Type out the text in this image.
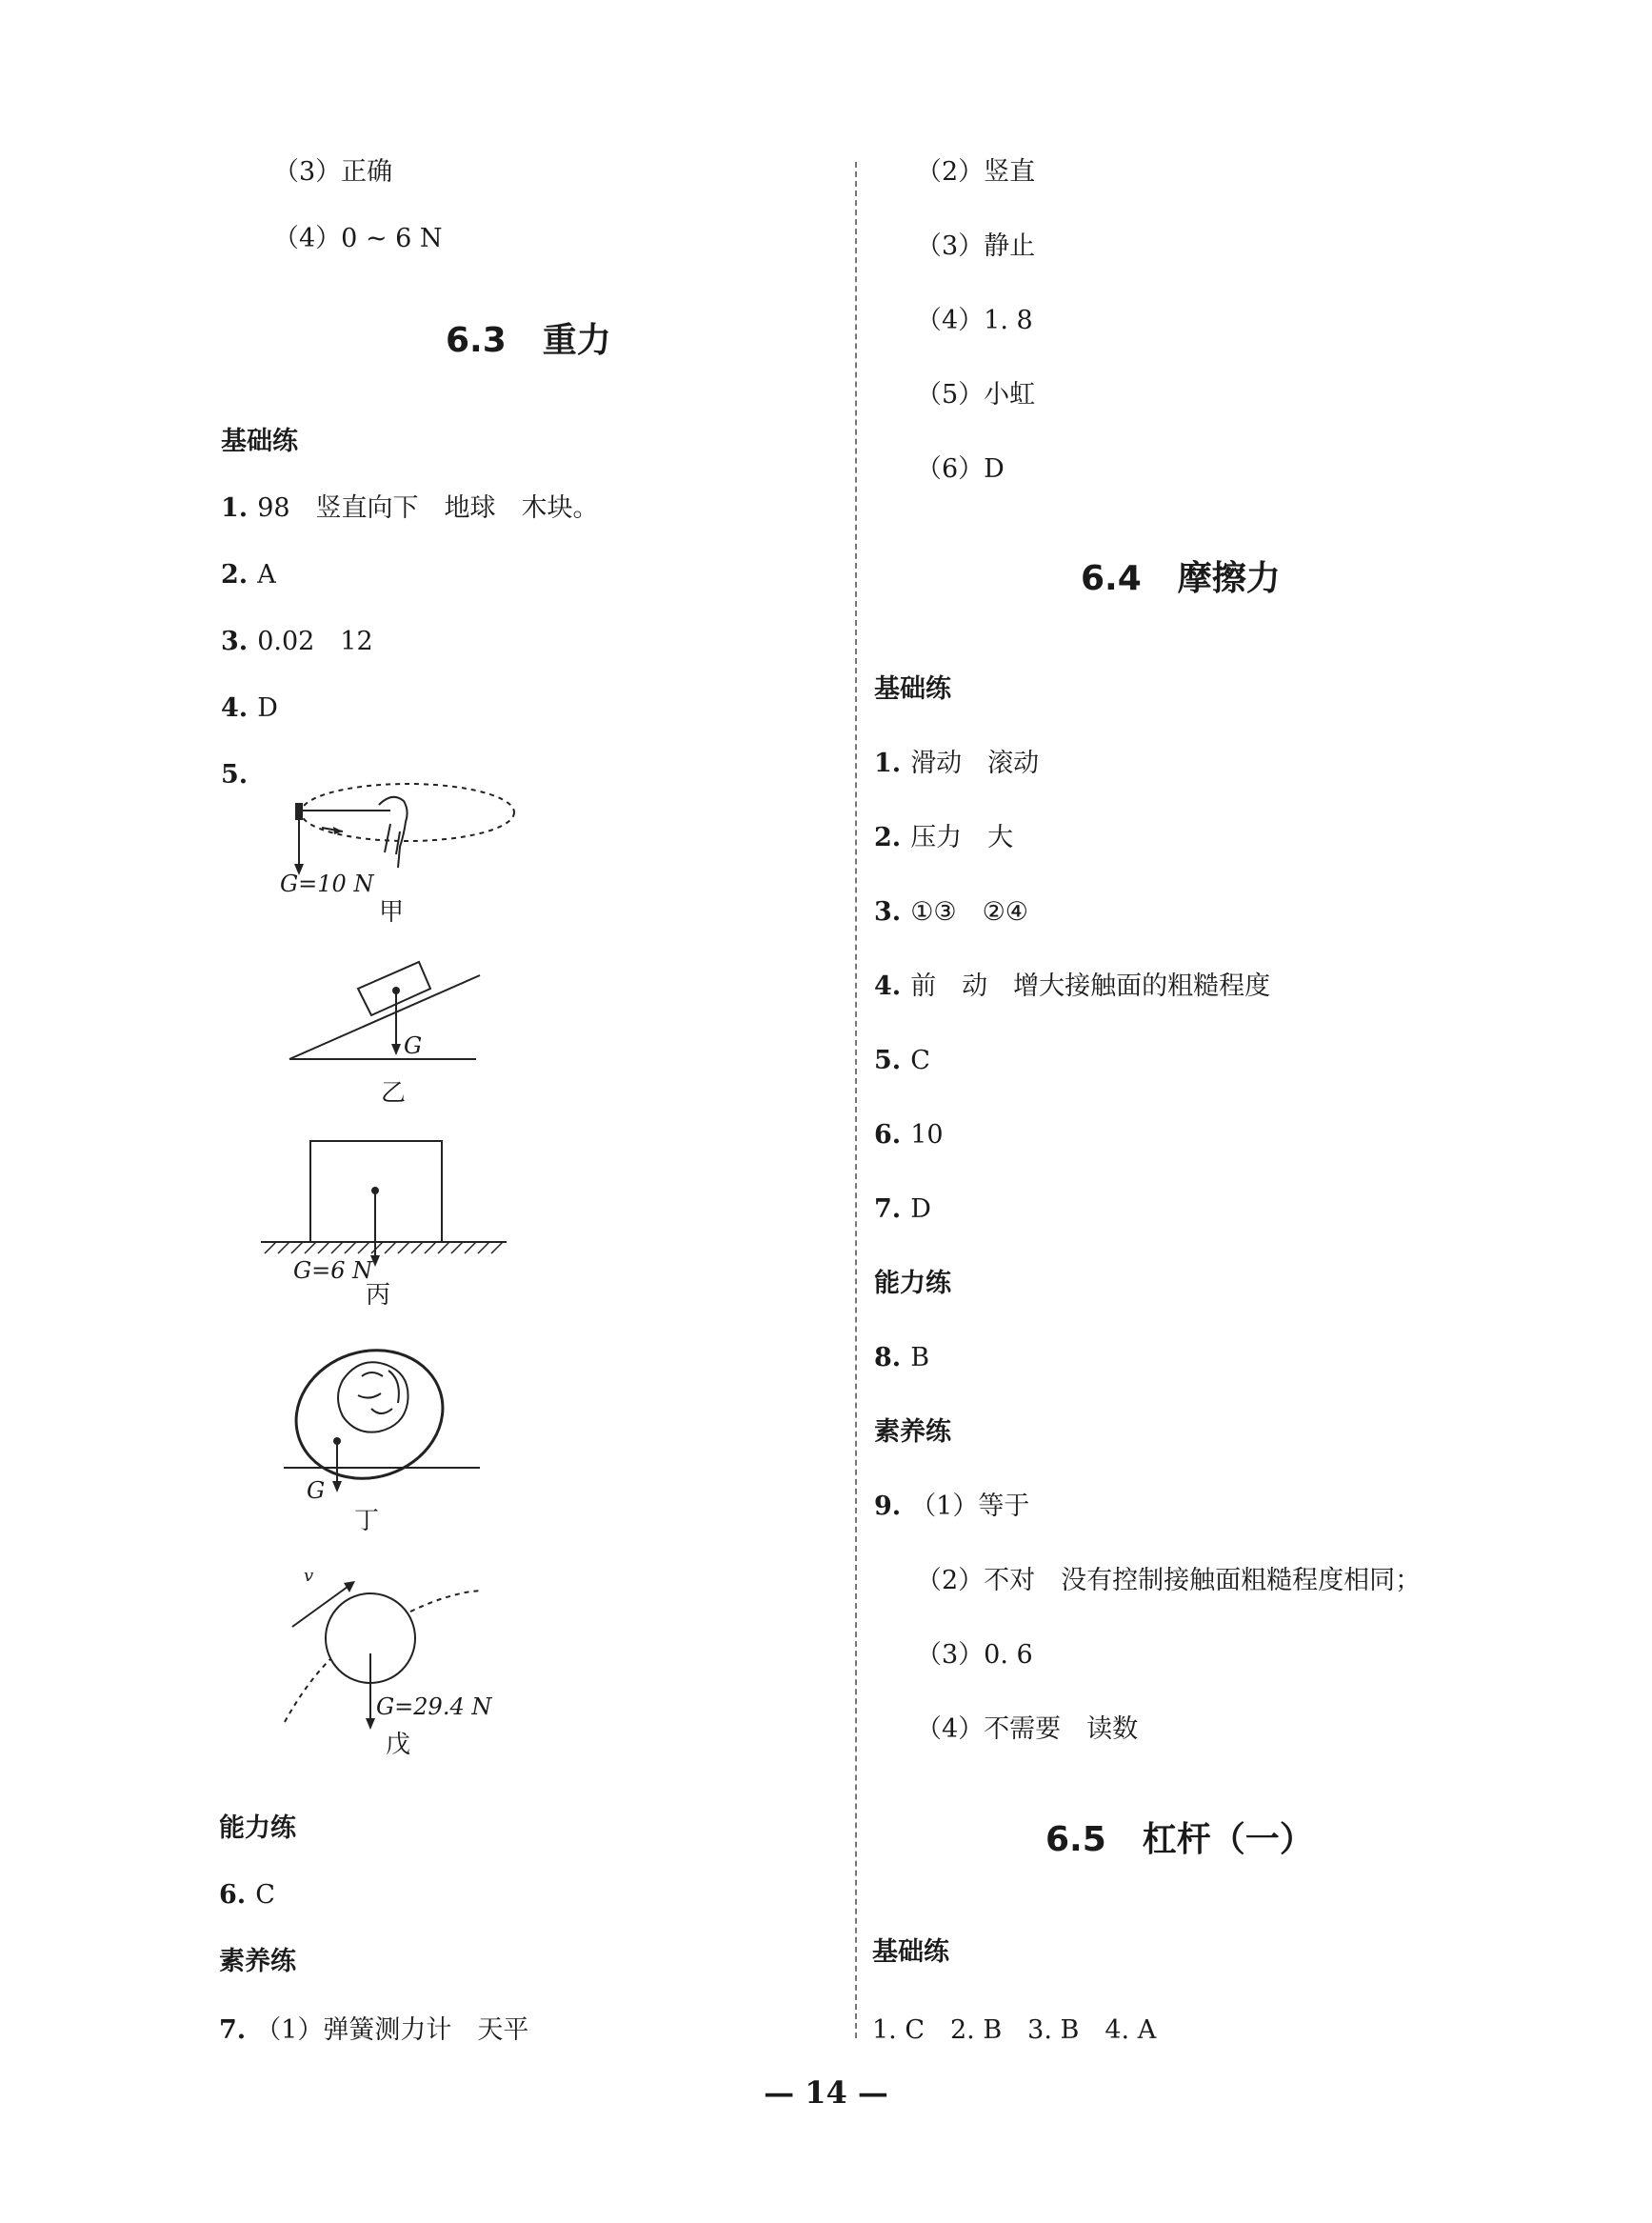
（3）正确
（4）0 ~ 6 N
6.3 重力
基础练
1. 98　竖直向下　地球　木块。
2. A
3. 0.02　12
4. D
5.
G=10 N
甲
G
乙
G=6 N
丙
G
丁
v
G=29.4 N
戊
能力练
6. C
素养练
7. （1）弹簧测力计　天平
（2）竖直
（3）静止
（4）1. 8
（5）小虹
（6）D
6.4 摩擦力
基础练
1. 滑动　滚动
2. 压力　大
3. ①③　②④
4. 前　动　增大接触面的粗糙程度
5. C
6. 10
7. D
能力练
8. B
素养练
9. （1）等于
（2）不对　没有控制接触面粗糙程度相同；
（3）0. 6
（4）不需要　读数
6.5 杠杆（一）
基础练
1. C　2. B　3. B　4. A
— 14 —
